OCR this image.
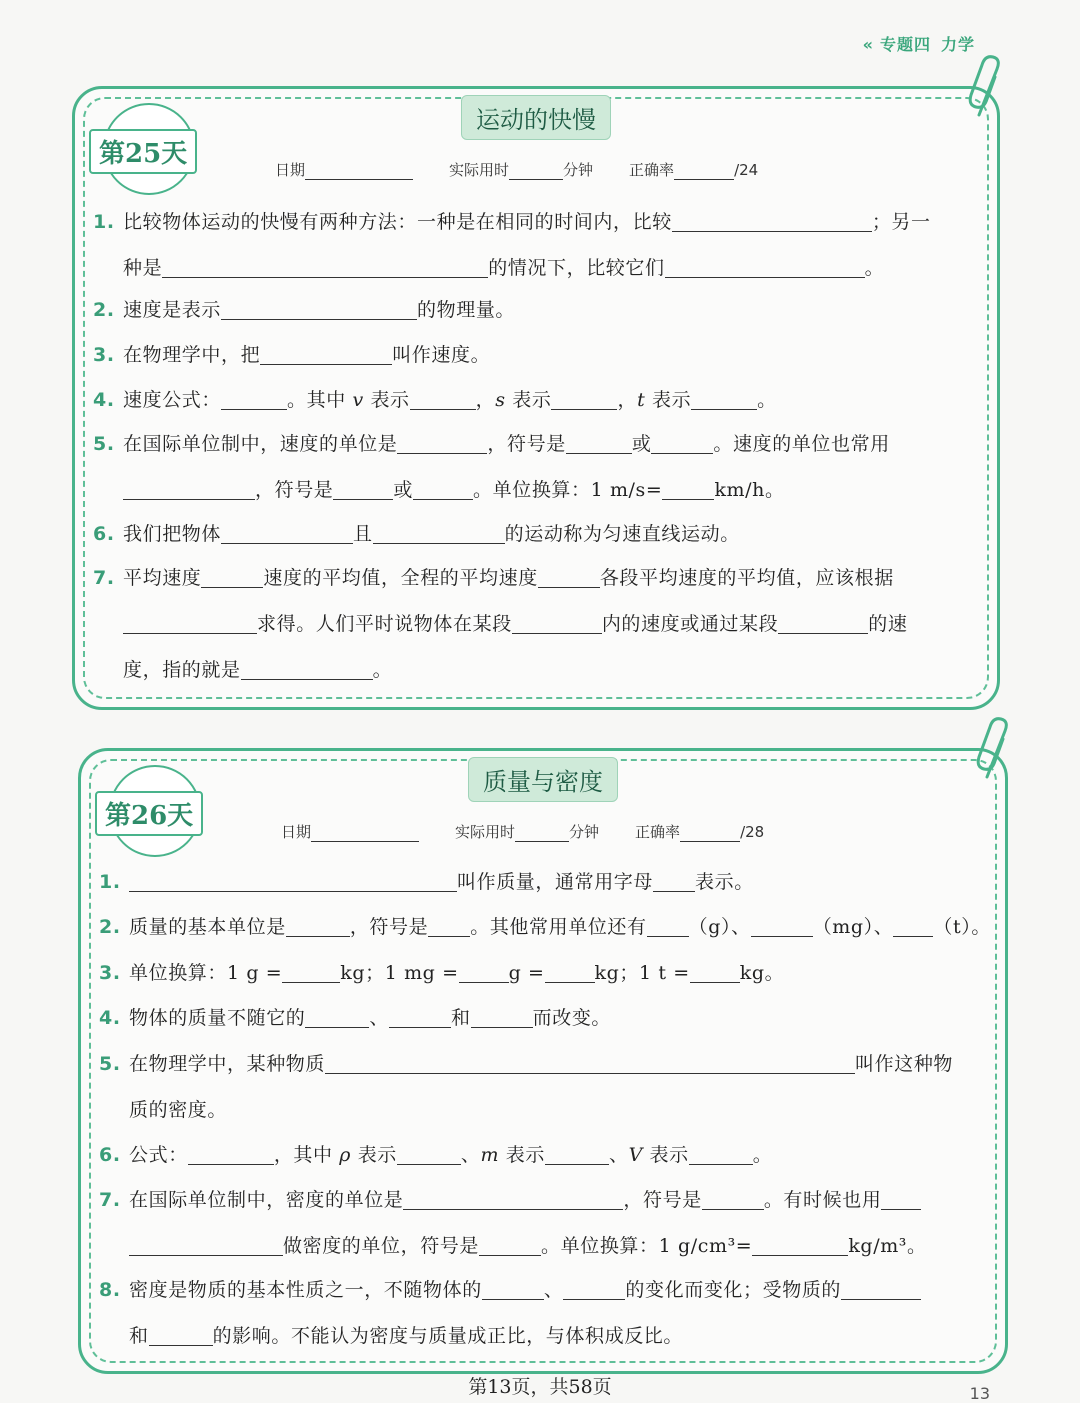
« 专题四 力学
运动的快慢
第25天
日期	实际用时	分钟 正确率	/24
1. 比较物体运动的快慢有两种方法：一种是在相同的时间内，比较	；另一
种是	的情况下，比较它们	。
2. 速度是表示	的物理量。
3. 在物理学中，把	叫作速度。
4. 速度公式：	。其中 v 表示	，s 表示	，t 表示	。
5. 在国际单位制中，速度的单位是	，符号是	或	。速度的单位也常用
，符号是	或	。单位换算：1 m/s=	km/h。
6. 我们把物体	且	的运动称为匀速直线运动。
7. 平均速度	速度的平均值，全程的平均速度	各段平均速度的平均值，应该根据
求得。人们平时说物体在某段	内的速度或通过某段	的速
度，指的就是	。
质量与密度
第26天
日期	实际用时	分钟 正确率	/28
1.	叫作质量，通常用字母 表示。
2. 质量的基本单位是	，符号是 。其他常用单位还有 （g）、	（mg）、 （t）。
3. 单位换算：1 g =	kg；1 mg =	g =	kg；1 t =	kg。
4. 物体的质量不随它的	、	和	而改变。
5. 在物理学中，某种物质	叫作这种物
质的密度。
6. 公式：	，其中 ρ 表示	、m 表示	、V 表示	。
7. 在国际单位制中，密度的单位是	，符号是	。有时候也用
做密度的单位，符号是	。单位换算：1 g/cm³=	kg/m³。
8. 密度是物质的基本性质之一，不随物体的	、	的变化而变化；受物质的
和	的影响。不能认为密度与质量成正比，与体积成反比。
第13页，共58页	13
